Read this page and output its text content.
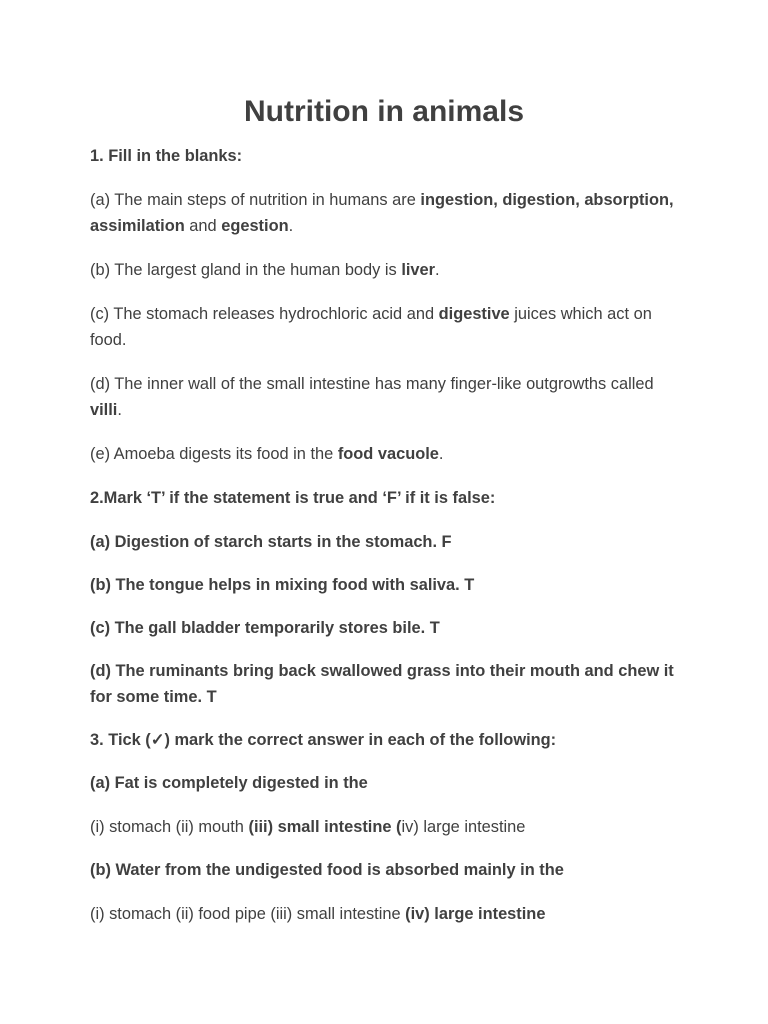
Nutrition in animals

1. Fill in the blanks:

(a) The main steps of nutrition in humans are ingestion, digestion, absorption, assimilation and egestion.

(b) The largest gland in the human body is liver.

(c) The stomach releases hydrochloric acid and digestive juices which act on food.

(d) The inner wall of the small intestine has many finger-like outgrowths called villi.

(e) Amoeba digests its food in the food vacuole.

2.Mark ‘T’ if the statement is true and ‘F’ if it is false:

(a) Digestion of starch starts in the stomach. F

(b) The tongue helps in mixing food with saliva. T

(c) The gall bladder temporarily stores bile. T

(d) The ruminants bring back swallowed grass into their mouth and chew it for some time. T

3. Tick (✓) mark the correct answer in each of the following:

(a) Fat is completely digested in the

(i) stomach (ii) mouth (iii) small intestine (iv) large intestine

(b) Water from the undigested food is absorbed mainly in the

(i) stomach (ii) food pipe (iii) small intestine (iv) large intestine
